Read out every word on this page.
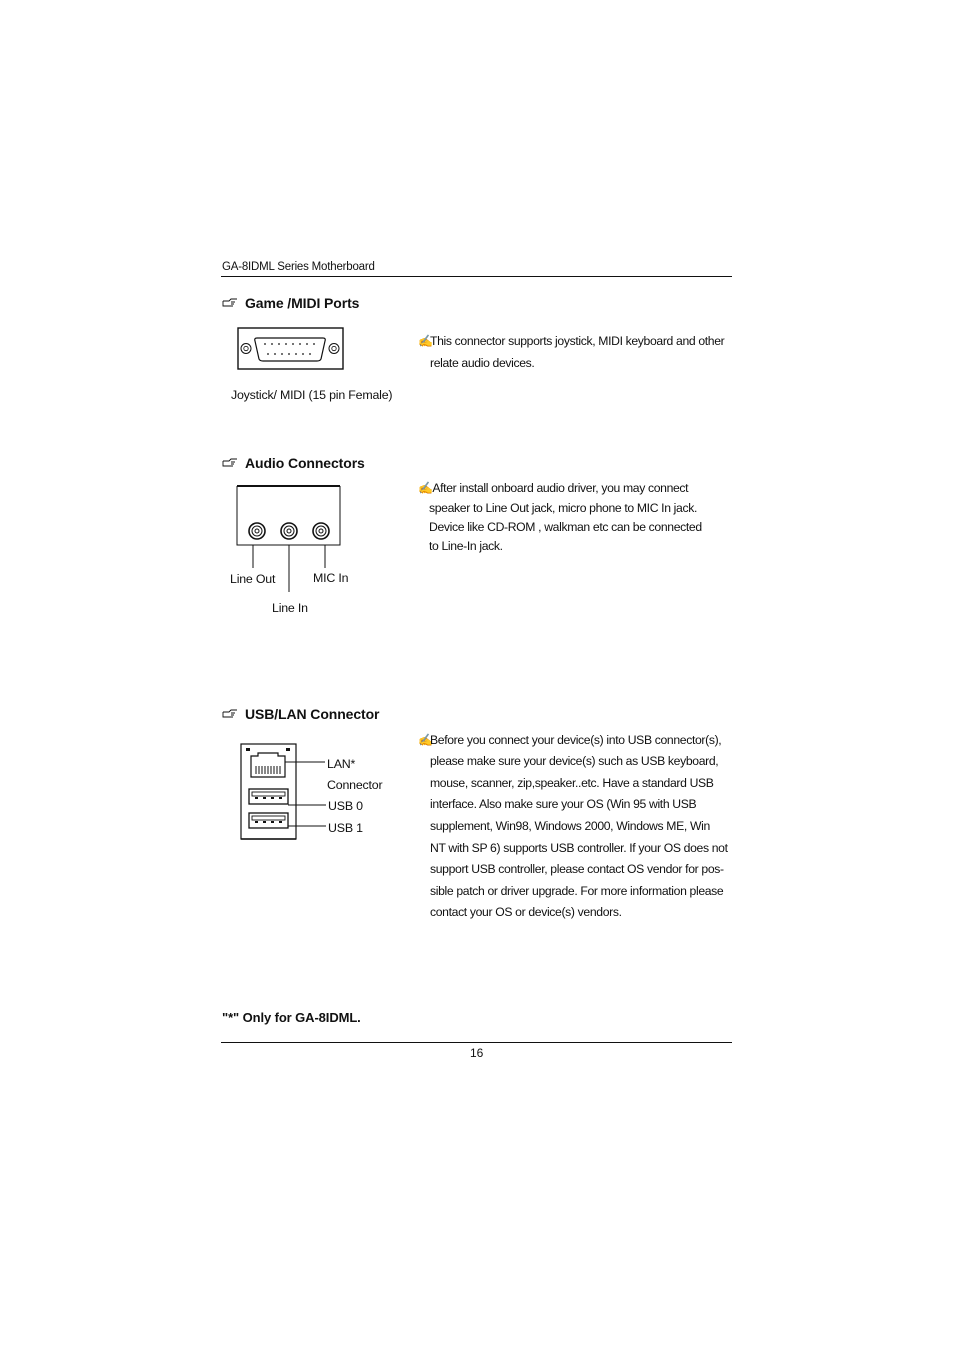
GA-8IDML Series Motherboard
Game /MIDI Ports
Joystick/ MIDI (15 pin Female)
✍This connector supports joystick, MIDI keyboard and other
relate audio devices.
Audio Connectors
Line Out	MIC In
Line In
✍ After install onboard audio driver, you may connect
speaker to Line Out jack, micro phone to MIC In jack.
Device like CD-ROM , walkman etc can be connected
to Line-In jack.
USB/LAN Connector
LAN*
Connector
USB 0
USB 1
✍Before you connect your device(s) into USB connector(s),
please make sure your device(s) such as USB keyboard,
mouse, scanner, zip,speaker..etc. Have a standard USB
interface. Also make sure your OS (Win 95 with USB
supplement, Win98, Windows 2000, Windows ME, Win
NT with SP 6) supports USB controller. If your OS does not
support USB controller, please contact OS vendor for pos-
sible patch or driver upgrade. For more information please
contact your OS or device(s) vendors.
"*" Only for GA-8IDML.
16
